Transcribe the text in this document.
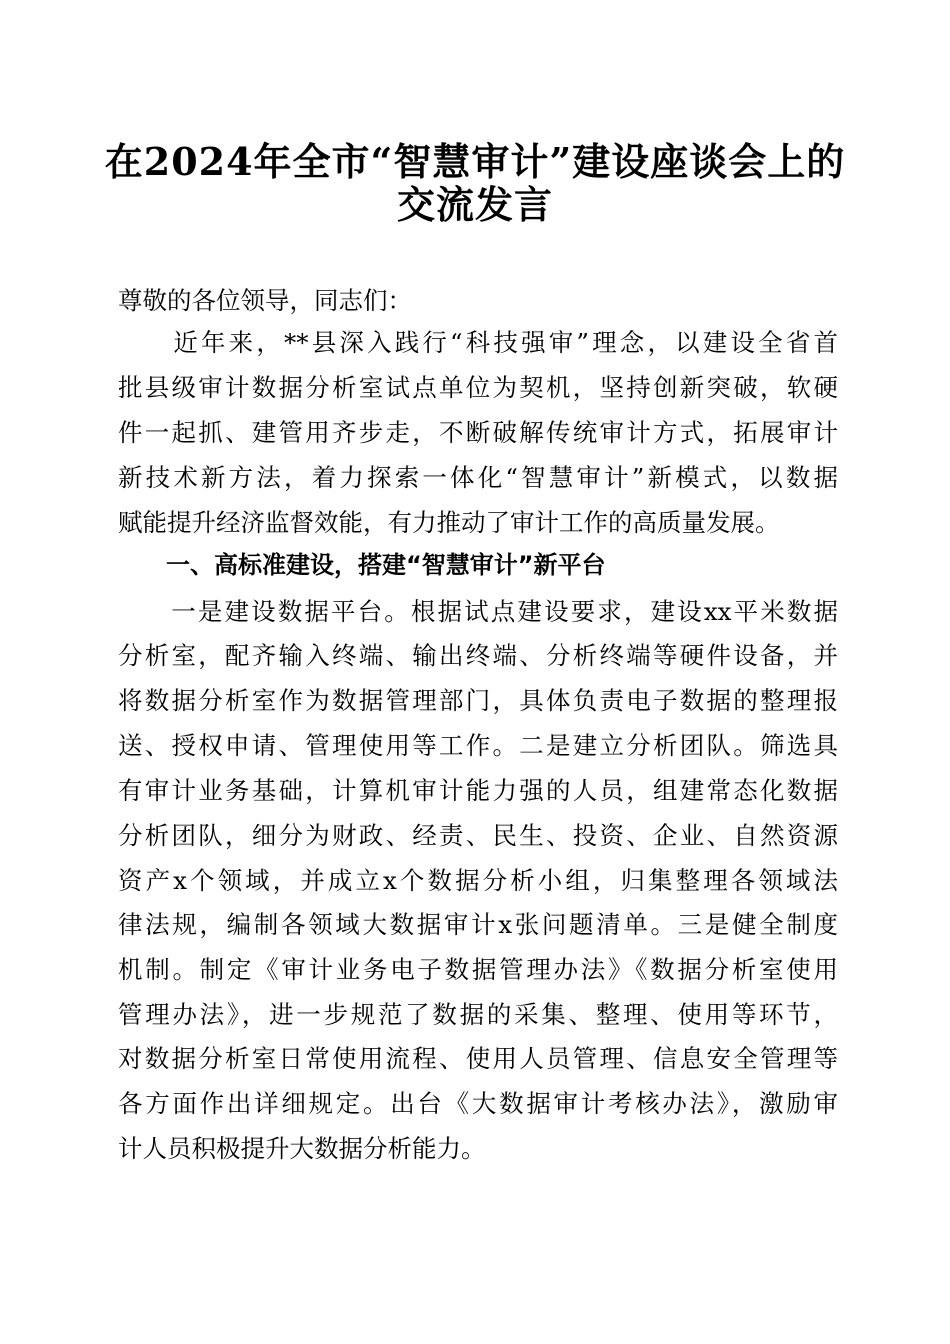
在2024年全市“智慧审计”建设座谈会上的
交流发言
尊敬的各位领导，同志们：
　　近年来，**县深入践行“科技强审”理念，以建设全省首
批县级审计数据分析室试点单位为契机，坚持创新突破，软硬
件一起抓、建管用齐步走，不断破解传统审计方式，拓展审计
新技术新方法，着力探索一体化“智慧审计”新模式，以数据
赋能提升经济监督效能，有力推动了审计工作的高质量发展。
　　一、高标准建设，搭建“智慧审计”新平台
　　一是建设数据平台。根据试点建设要求，建设xx平米数据
分析室，配齐输入终端、输出终端、分析终端等硬件设备，并
将数据分析室作为数据管理部门，具体负责电子数据的整理报
送、授权申请、管理使用等工作。二是建立分析团队。筛选具
有审计业务基础，计算机审计能力强的人员，组建常态化数据
分析团队，细分为财政、经责、民生、投资、企业、自然资源
资产x个领域，并成立x个数据分析小组，归集整理各领域法
律法规，编制各领域大数据审计x张问题清单。三是健全制度
机制。制定《审计业务电子数据管理办法》《数据分析室使用
管理办法》，进一步规范了数据的采集、整理、使用等环节，
对数据分析室日常使用流程、使用人员管理、信息安全管理等
各方面作出详细规定。出台《大数据审计考核办法》，激励审
计人员积极提升大数据分析能力。
